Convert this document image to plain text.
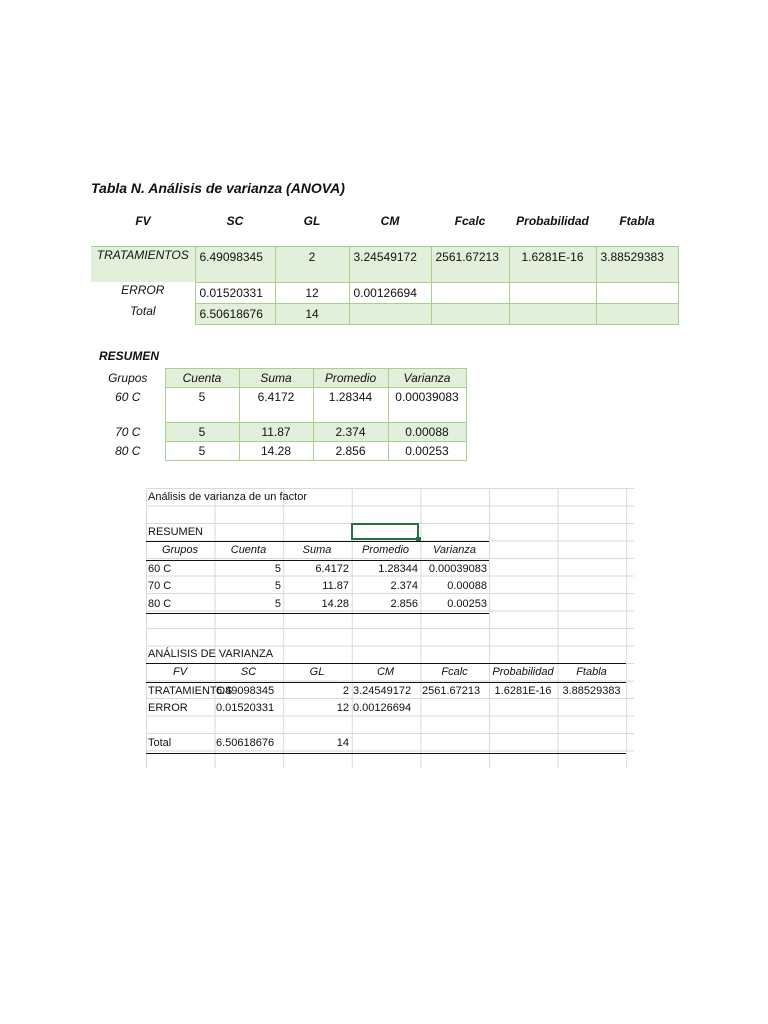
Tabla N. Análisis de varianza (ANOVA)
FV	SC	GL	CM	Fcalc	Probabilidad	Ftabla
TRATAMIENTOS	6.49098345	2	3.24549172	2561.67213	1.6281E-16	3.88529383
ERROR	0.01520331	12	0.00126694			
Total	6.50618676	14				
RESUMEN
Grupos	Cuenta	Suma	Promedio	Varianza
60 C	5	6.4172	1.28344	0.00039083
70 C	5	11.87	2.374	0.00088
80 C	5	14.28	2.856	0.00253
Análisis de varianza de un factor
RESUMEN
Grupos	Cuenta	Suma	Promedio	Varianza
60 C	5	6.4172	1.28344	0.00039083
70 C	5	11.87	2.374	0.00088
80 C	5	14.28	2.856	0.00253
ANÁLISIS DE VARIANZA
FV	SC	GL	CM	Fcalc	Probabilidad	Ftabla
TRATAMIENTOS	6.49098345	2	3.24549172	2561.67213	1.6281E-16	3.88529383
ERROR	0.01520331	12	0.00126694			

Total	6.50618676	14				
